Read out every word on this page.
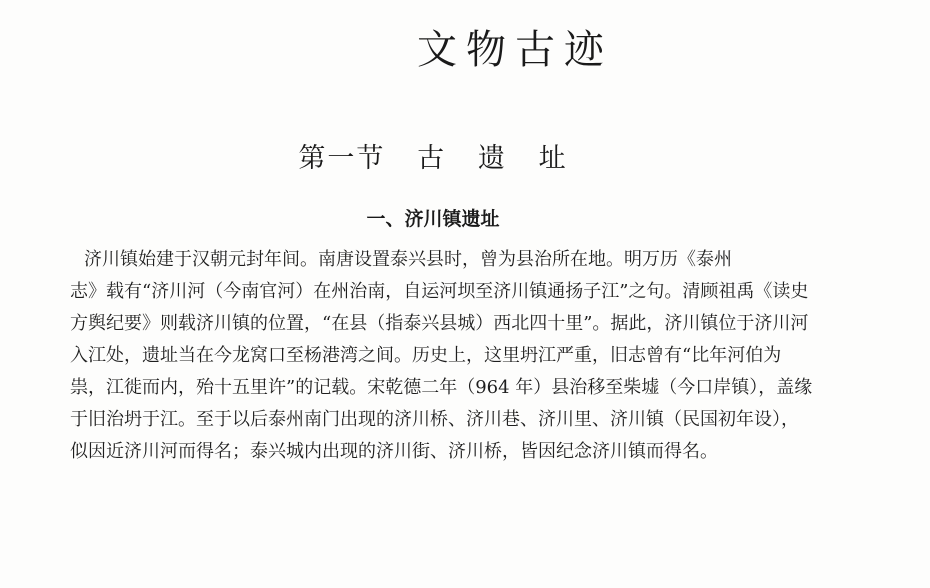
文物古迹
第一节   古   遗   址
一、济川镇遗址
济川镇始建于汉朝元封年间。南唐设置泰兴县时，曾为县治所在地。明万历《泰州
志》载有“济川河（今南官河）在州治南，自运河坝至济川镇通扬子江”之句。清顾祖禹《读史
方舆纪要》则载济川镇的位置，“在县（指泰兴县城）西北四十里”。据此，济川镇位于济川河
入江处，遗址当在今龙窝口至杨港湾之间。历史上，这里坍江严重，旧志曾有“比年河伯为
祟，江徙而内，殆十五里许”的记载。宋乾德二年（964 年）县治移至柴墟（今口岸镇），盖缘
于旧治坍于江。至于以后泰州南门出现的济川桥、济川巷、济川里、济川镇（民国初年设），
似因近济川河而得名；泰兴城内出现的济川街、济川桥，皆因纪念济川镇而得名。
